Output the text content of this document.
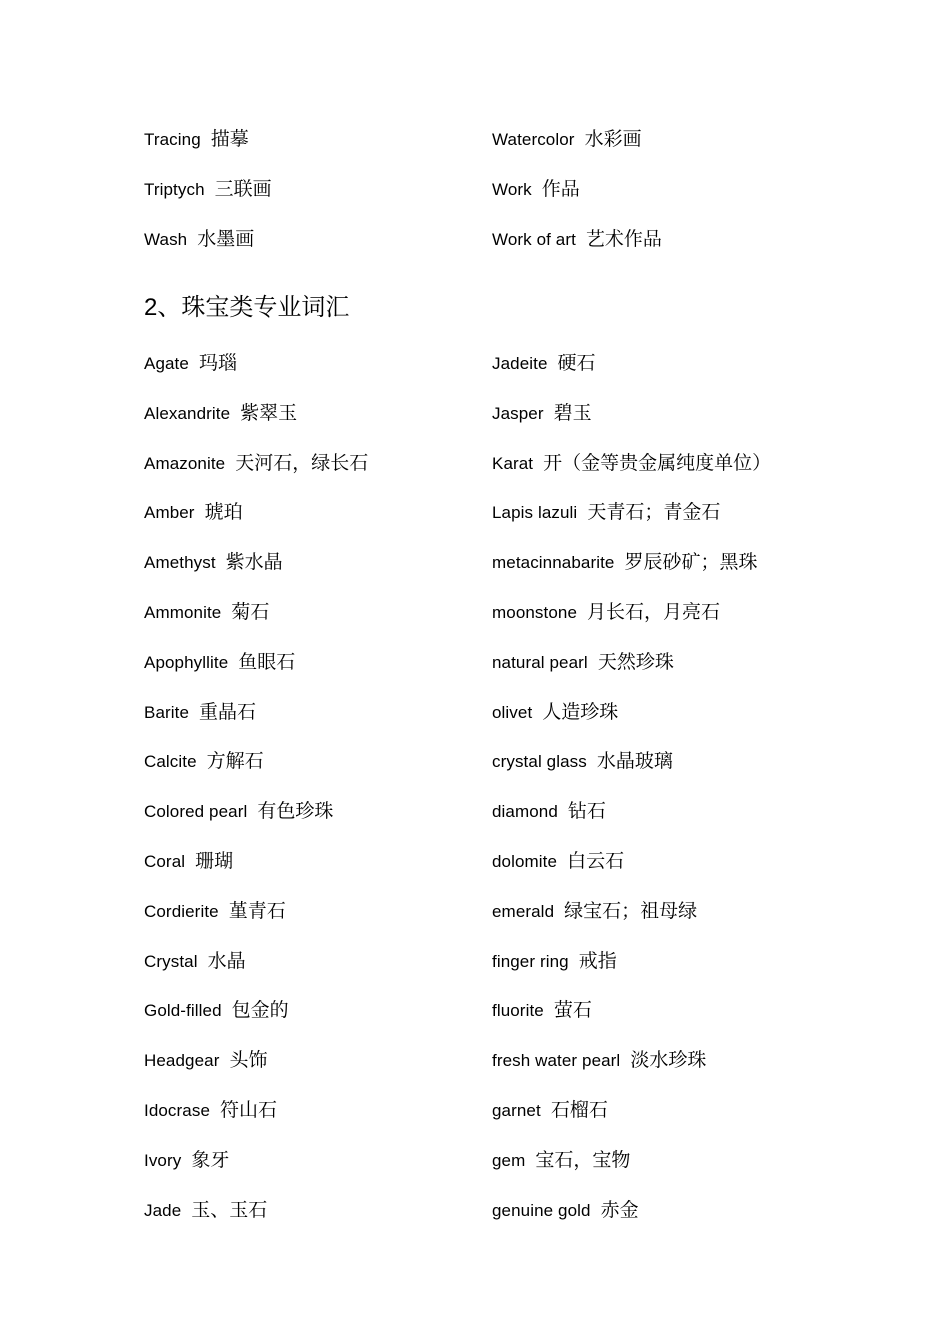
Tracing 描摹	Watercolor 水彩画
Triptych 三联画	Work 作品
Wash 水墨画	Work of art 艺术作品
2、珠宝类专业词汇
Agate 玛瑙	Jadeite 硬石
Alexandrite 紫翠玉	Jasper 碧玉
Amazonite 天河石，绿长石	Karat 开（金等贵金属纯度单位）
Amber 琥珀	Lapis lazuli 天青石；青金石
Amethyst 紫水晶	metacinnabarite 罗辰砂矿；黑珠
Ammonite 菊石	moonstone 月长石，月亮石
Apophyllite 鱼眼石	natural pearl 天然珍珠
Barite 重晶石	olivet 人造珍珠
Calcite 方解石	crystal glass 水晶玻璃
Colored pearl 有色珍珠	diamond 钻石
Coral 珊瑚	dolomite 白云石
Cordierite 堇青石	emerald 绿宝石；祖母绿
Crystal 水晶	finger ring 戒指
Gold-filled 包金的	fluorite 萤石
Headgear 头饰	fresh water pearl 淡水珍珠
Idocrase 符山石	garnet 石榴石
Ivory 象牙	gem 宝石，宝物
Jade 玉、玉石	genuine gold 赤金
